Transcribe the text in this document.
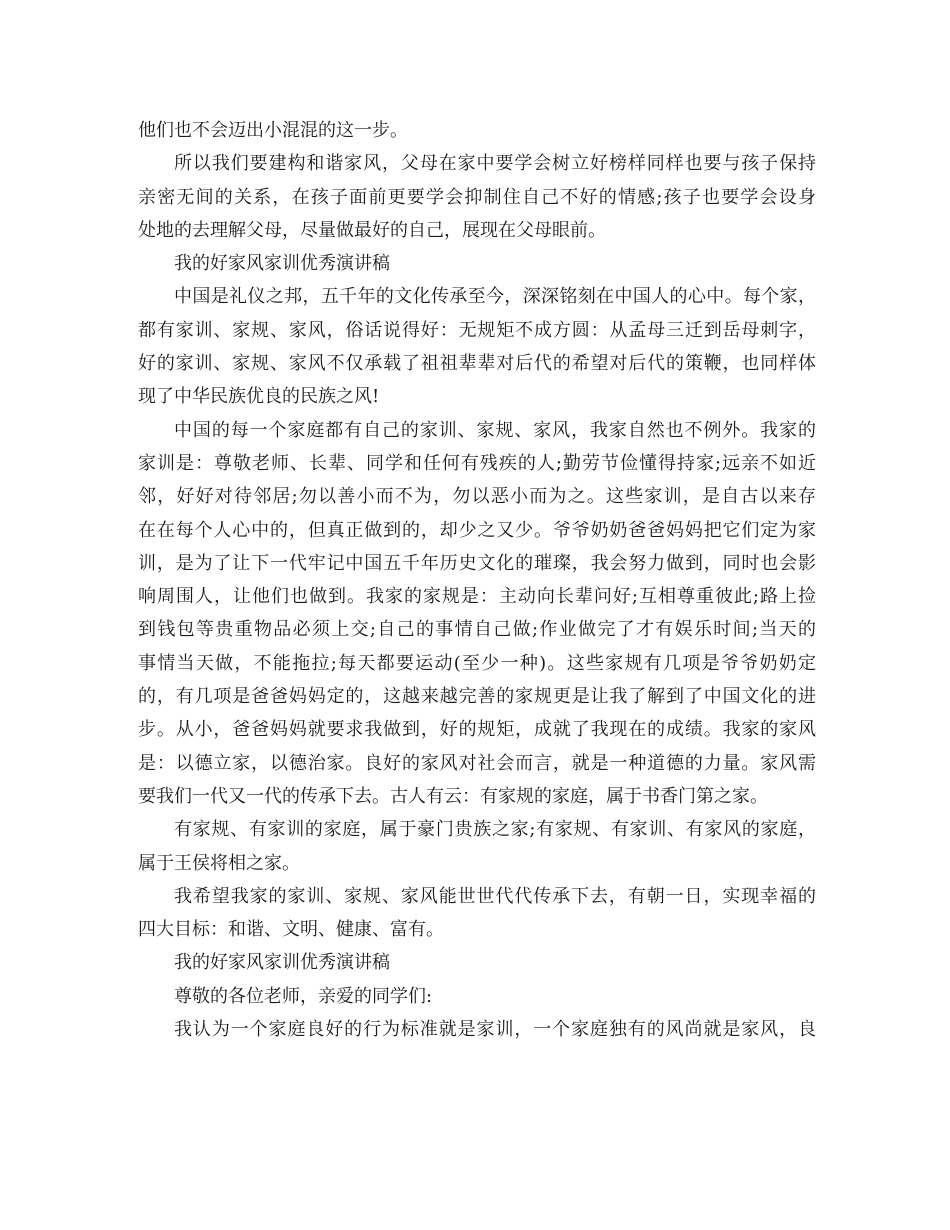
他们也不会迈出小混混的这一步。
所以我们要建构和谐家风，父母在家中要学会树立好榜样同样也要与孩子保持
亲密无间的关系，在孩子面前更要学会抑制住自己不好的情感;孩子也要学会设身
处地的去理解父母，尽量做最好的自己，展现在父母眼前。
我的好家风家训优秀演讲稿
中国是礼仪之邦，五千年的文化传承至今，深深铭刻在中国人的心中。每个家，
都有家训、家规、家风，俗话说得好：无规矩不成方圆：从孟母三迁到岳母刺字，
好的家训、家规、家风不仅承载了祖祖辈辈对后代的希望对后代的策鞭，也同样体
现了中华民族优良的民族之风!
中国的每一个家庭都有自己的家训、家规、家风，我家自然也不例外。我家的
家训是：尊敬老师、长辈、同学和任何有残疾的人;勤劳节俭懂得持家;远亲不如近
邻，好好对待邻居;勿以善小而不为，勿以恶小而为之。这些家训，是自古以来存
在在每个人心中的，但真正做到的，却少之又少。爷爷奶奶爸爸妈妈把它们定为家
训，是为了让下一代牢记中国五千年历史文化的璀璨，我会努力做到，同时也会影
响周围人，让他们也做到。我家的家规是：主动向长辈问好;互相尊重彼此;路上捡
到钱包等贵重物品必须上交;自己的事情自己做;作业做完了才有娱乐时间;当天的
事情当天做，不能拖拉;每天都要运动(至少一种)。这些家规有几项是爷爷奶奶定
的，有几项是爸爸妈妈定的，这越来越完善的家规更是让我了解到了中国文化的进
步。从小，爸爸妈妈就要求我做到，好的规矩，成就了我现在的成绩。我家的家风
是：以德立家，以德治家。良好的家风对社会而言，就是一种道德的力量。家风需
要我们一代又一代的传承下去。古人有云：有家规的家庭，属于书香门第之家。
有家规、有家训的家庭，属于豪门贵族之家;有家规、有家训、有家风的家庭，
属于王侯将相之家。
我希望我家的家训、家规、家风能世世代代传承下去，有朝一日，实现幸福的
四大目标：和谐、文明、健康、富有。
我的好家风家训优秀演讲稿
尊敬的各位老师，亲爱的同学们:
我认为一个家庭良好的行为标准就是家训，一个家庭独有的风尚就是家风，良
